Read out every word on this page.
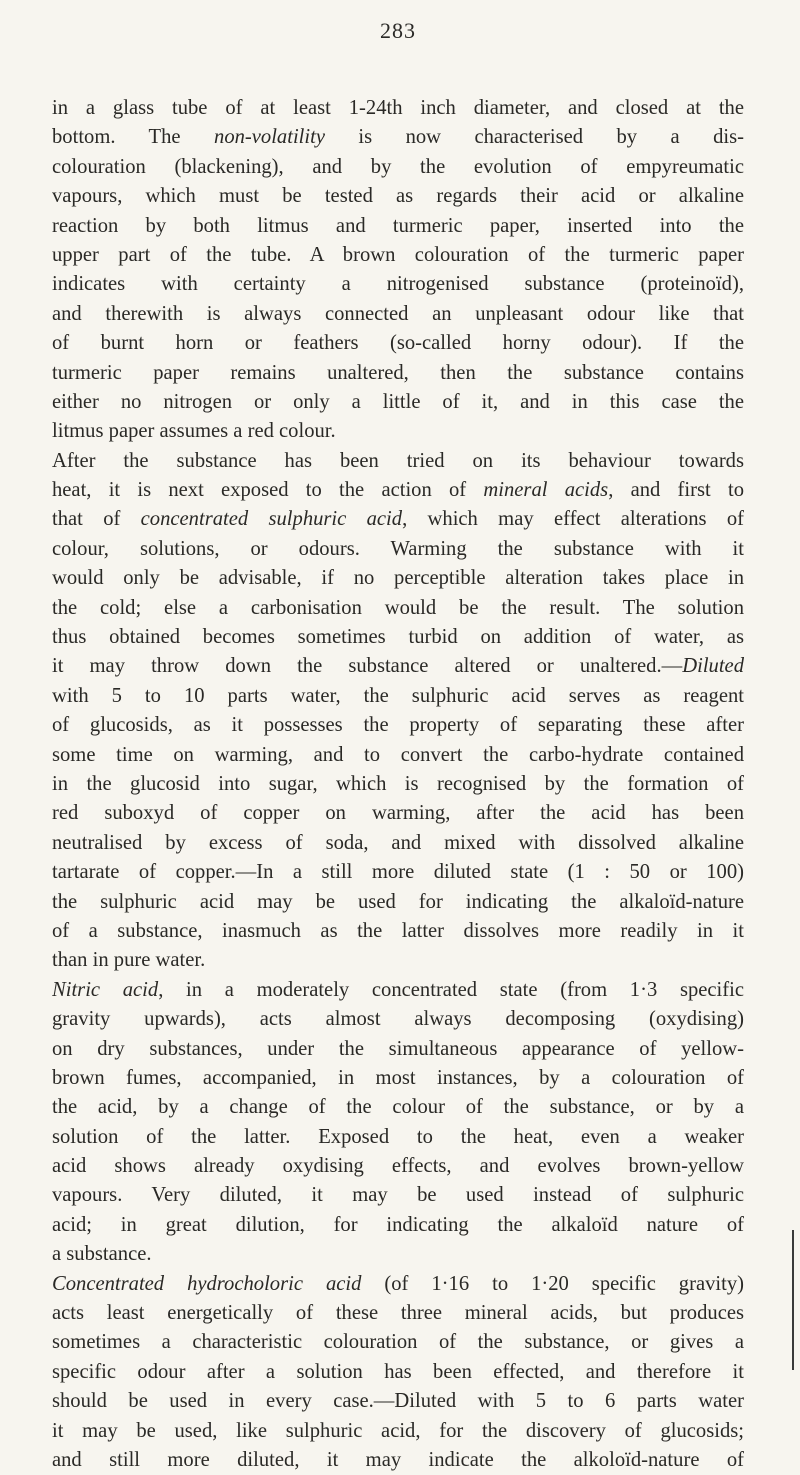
283
in a glass tube of at least 1-24th inch diameter, and closed at the
bottom. The non-volatility is now characterised by a dis-
colouration (blackening), and by the evolution of empyreumatic
vapours, which must be tested as regards their acid or alkaline
reaction by both litmus and turmeric paper, inserted into the
upper part of the tube. A brown colouration of the turmeric paper
indicates with certainty a nitrogenised substance (proteinoïd),
and therewith is always connected an unpleasant odour like that
of burnt horn or feathers (so-called horny odour). If the
turmeric paper remains unaltered, then the substance contains
either no nitrogen or only a little of it, and in this case the
litmus paper assumes a red colour.
After the substance has been tried on its behaviour towards
heat, it is next exposed to the action of mineral acids, and first to
that of concentrated sulphuric acid, which may effect alterations of
colour, solutions, or odours. Warming the substance with it
would only be advisable, if no perceptible alteration takes place in
the cold; else a carbonisation would be the result. The solution
thus obtained becomes sometimes turbid on addition of water, as
it may throw down the substance altered or unaltered.—Diluted
with 5 to 10 parts water, the sulphuric acid serves as reagent
of glucosids, as it possesses the property of separating these after
some time on warming, and to convert the carbo-hydrate contained
in the glucosid into sugar, which is recognised by the formation of
red suboxyd of copper on warming, after the acid has been
neutralised by excess of soda, and mixed with dissolved alkaline
tartarate of copper.—In a still more diluted state (1 : 50 or 100)
the sulphuric acid may be used for indicating the alkaloïd-nature
of a substance, inasmuch as the latter dissolves more readily in it
than in pure water.
Nitric acid, in a moderately concentrated state (from 1·3 specific
gravity upwards), acts almost always decomposing (oxydising)
on dry substances, under the simultaneous appearance of yellow-
brown fumes, accompanied, in most instances, by a colouration of
the acid, by a change of the colour of the substance, or by a
solution of the latter. Exposed to the heat, even a weaker
acid shows already oxydising effects, and evolves brown-yellow
vapours. Very diluted, it may be used instead of sulphuric
acid; in great dilution, for indicating the alkaloïd nature of
a substance.
Concentrated hydrocholoric acid (of 1·16 to 1·20 specific gravity)
acts least energetically of these three mineral acids, but produces
sometimes a characteristic colouration of the substance, or gives a
specific odour after a solution has been effected, and therefore it
should be used in every case.—Diluted with 5 to 6 parts water
it may be used, like sulphuric acid, for the discovery of glucosids;
and still more diluted, it may indicate the alkoloïd-nature of
